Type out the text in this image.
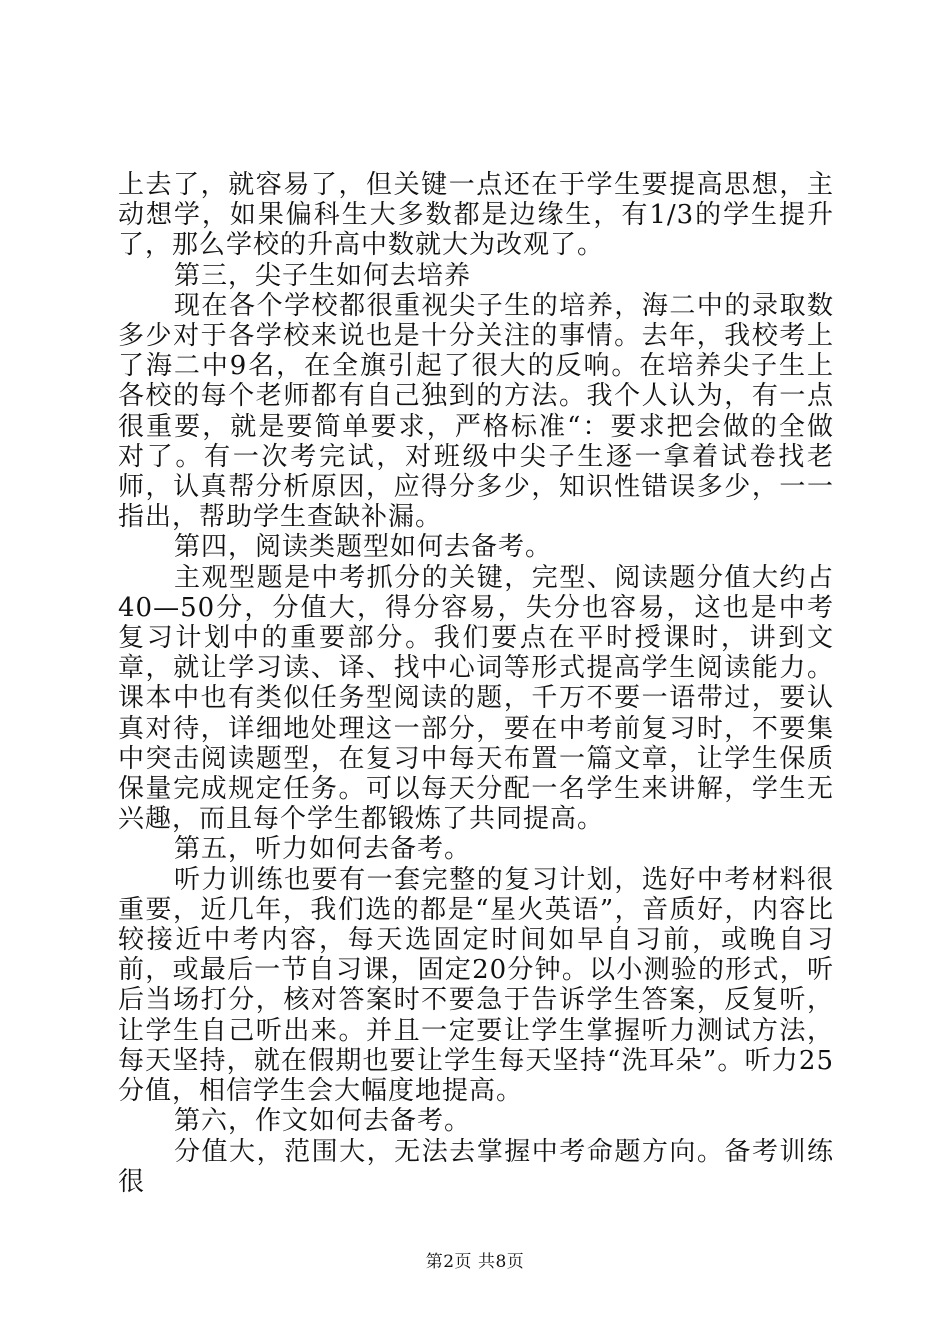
上去了，就容易了，但关键一点还在于学生要提高思想，主动想学，如果偏科生大多数都是边缘生，有1/3的学生提升了，那么学校的升高中数就大为改观了。

第三，尖子生如何去培养

现在各个学校都很重视尖子生的培养，海二中的录取数多少对于各学校来说也是十分关注的事情。去年，我校考上了海二中9名，在全旗引起了很大的反响。在培养尖子生上各校的每个老师都有自己独到的方法。我个人认为，有一点很重要，就是要简单要求，严格标准“：要求把会做的全做对了。有一次考完试，对班级中尖子生逐一拿着试卷找老师，认真帮分析原因，应得分多少，知识性错误多少，一一指出，帮助学生查缺补漏。

第四，阅读类题型如何去备考。

主观型题是中考抓分的关键，完型、阅读题分值大约占40—50分，分值大，得分容易，失分也容易，这也是中考复习计划中的重要部分。我们要点在平时授课时，讲到文章，就让学习读、译、找中心词等形式提高学生阅读能力。课本中也有类似任务型阅读的题，千万不要一语带过，要认真对待，详细地处理这一部分，要在中考前复习时，不要集中突击阅读题型，在复习中每天布置一篇文章，让学生保质保量完成规定任务。可以每天分配一名学生来讲解，学生无兴趣，而且每个学生都锻炼了共同提高。

第五，听力如何去备考。

听力训练也要有一套完整的复习计划，选好中考材料很重要，近几年，我们选的都是“星火英语”，音质好，内容比较接近中考内容，每天选固定时间如早自习前，或晚自习前，或最后一节自习课，固定20分钟。以小测验的形式，听后当场打分，核对答案时不要急于告诉学生答案，反复听，让学生自己听出来。并且一定要让学生掌握听力测试方法，每天坚持，就在假期也要让学生每天坚持“洗耳朵”。听力25分值，相信学生会大幅度地提高。

第六，作文如何去备考。

分值大，范围大，无法去掌握中考命题方向。备考训练很

第2页 共8页
